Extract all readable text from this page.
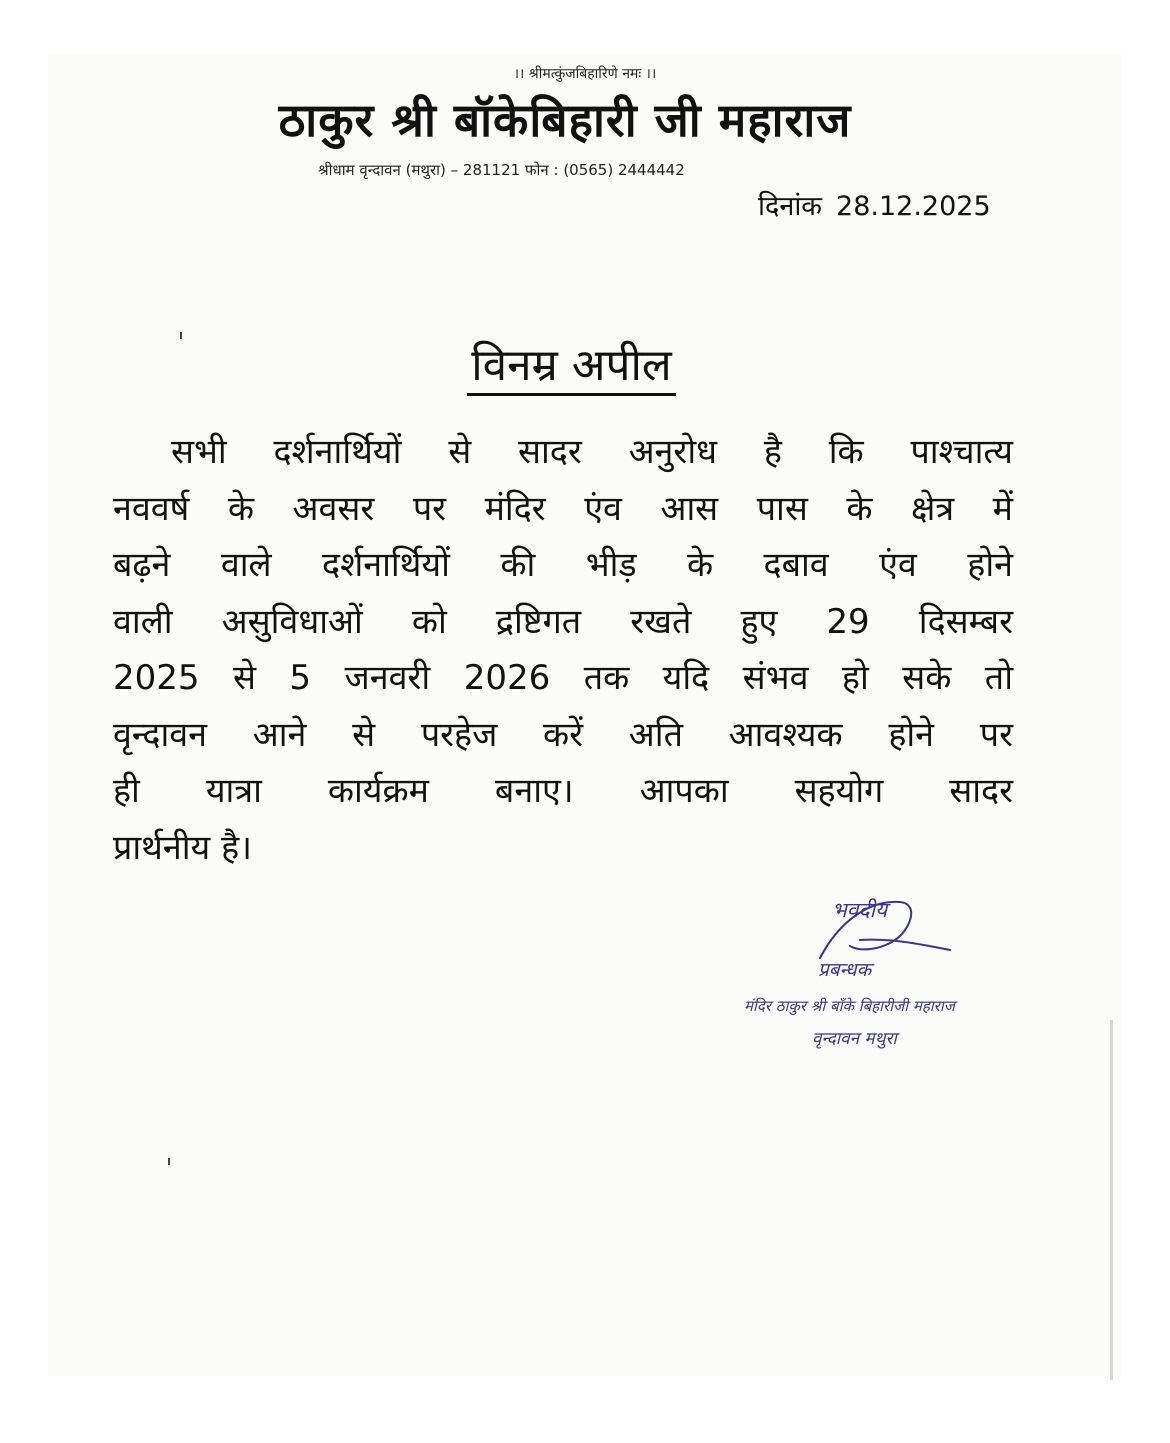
।। श्रीमत्कुंजबिहारिणे नमः ।।
ठाकुर श्री बॉकेबिहारी जी महाराज
श्रीधाम वृन्दावन (मथुरा) – 281121 फोन : (0565) 2444442
दिनांक 28.12.2025
विनम्र अपील
सभी दर्शनार्थियों से सादर अनुरोध है कि पाश्चात्य
नववर्ष के अवसर पर मंदिर एंव आस पास के क्षेत्र में
बढ़ने वाले दर्शनार्थियों की भीड़ के दबाव एंव होने
वाली असुविधाओं को द्रष्टिगत रखते हुए 29 दिसम्बर
2025 से 5 जनवरी 2026 तक यदि संभव हो सके तो
वृन्दावन आने से परहेज करें अति आवश्यक होने पर
ही यात्रा कार्यक्रम बनाए। आपका सहयोग सादर
प्रार्थनीय है।
भवदीय
प्रबन्धक
मंदिर ठाकुर श्री बाँके बिहारीजी महाराज
वृन्दावन मथुरा
